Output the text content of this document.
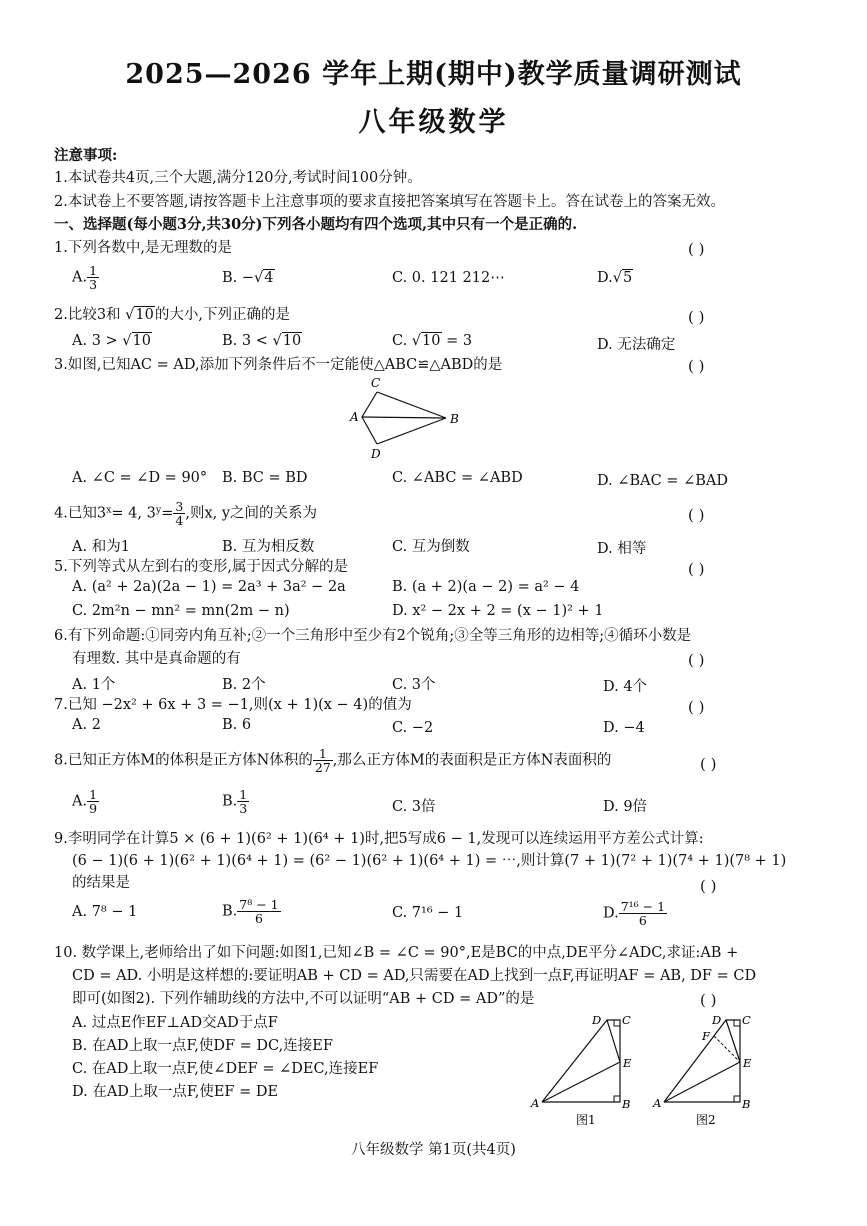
2025—2026 学年上期(期中)教学质量调研测试
八年级数学
注意事项:
1.本试卷共4页,三个大题,满分120分,考试时间100分钟。
2.本试卷上不要答题,请按答题卡上注意事项的要求直接把答案填写在答题卡上。答在试卷上的答案无效。
一、选择题(每小题3分,共30分)下列各小题均有四个选项,其中只有一个是正确的.
1.下列各数中,是无理数的是	( )
A. $\frac{1}{3}$	B. −√4	C. 0. 121 212⋯	D.√5
2.比较3和 √10的大小,下列正确的是	( )
A. 3 > √10	B. 3 < √10	C. √10 = 3	D. 无法确定
3.如图,已知AC = AD,添加下列条件后不一定能使△ABC≌△ABD的是	( )
C
A	B
D
A. ∠C = ∠D = 90° B. BC = BD	C. ∠ABC = ∠ABD	D. ∠BAC = ∠BAD
4.已知$3^x= 4$, $3^y= \frac{3}{4}$ ,则x, y之间的关系为	( )
A. 和为1	B. 互为相反数	C. 互为倒数	D. 相等
5.下列等式从左到右的变形,属于因式分解的是	( )
A. (a² + 2a)(2a − 1) = 2a³ + 3a² − 2a	B. (a + 2)(a − 2) = a² − 4
C. 2m²n − mn² = mn(2m − n)	D. x² − 2x + 2 = (x − 1)² + 1
6.有下列命题:①同旁内角互补;②一个三角形中至少有2个锐角;③全等三角形的边相等;④循环小数是
有理数. 其中是真命题的有	( )
A. 1个	B. 2个	C. 3个	D. 4个
7.已知 −2x² + 6x + 3 = −1,则(x + 1)(x − 4)的值为	( )
A. 2	B. 6	C. −2	D. −4
8.已知正方体M的体积是正方体N体积的 $\frac{1}{27}$ ,那么正方体M的表面积是正方体N表面积的	( )
A. $\frac{1}{9}$	B. $\frac{1}{3}$	C. 3倍	D. 9倍
9.李明同学在计算5 × (6 + 1)(6² + 1)(6⁴ + 1)时,把5写成6 − 1,发现可以连续运用平方差公式计算:
(6 − 1)(6 + 1)(6² + 1)(6⁴ + 1) = (6² − 1)(6² + 1)(6⁴ + 1) = ⋯,则计算(7 + 1)(7² + 1)(7⁴ + 1)(7⁸ + 1)
的结果是	( )
A. 7⁸ − 1	B. $\frac{\text{7⁸ − 1}}{6}$	C. 7¹⁶ − 1	D. $\frac{\text{7¹⁶ − 1}}{6}$
10. 数学课上,老师给出了如下问题:如图1,已知∠B = ∠C = 90°,E是BC的中点,DE平分∠ADC,求证:AB +
CD = AD. 小明是这样想的:要证明AB + CD = AD,只需要在AD上找到一点F,再证明AF = AB, DF = CD
即可(如图2). 下列作辅助线的方法中,不可以证明“AB + CD = AD”的是	( )
A. 过点E作EF⊥AD交AD于点F
B. 在AD上取一点F,使DF = DC,连接EF
C. 在AD上取一点F,使∠DEF = ∠DEC,连接EF
D. 在AD上取一点F,使EF = DE
D C
E
A	B
图1
D C
F
E
A	B
图2
八年级数学 第1页(共4页)
